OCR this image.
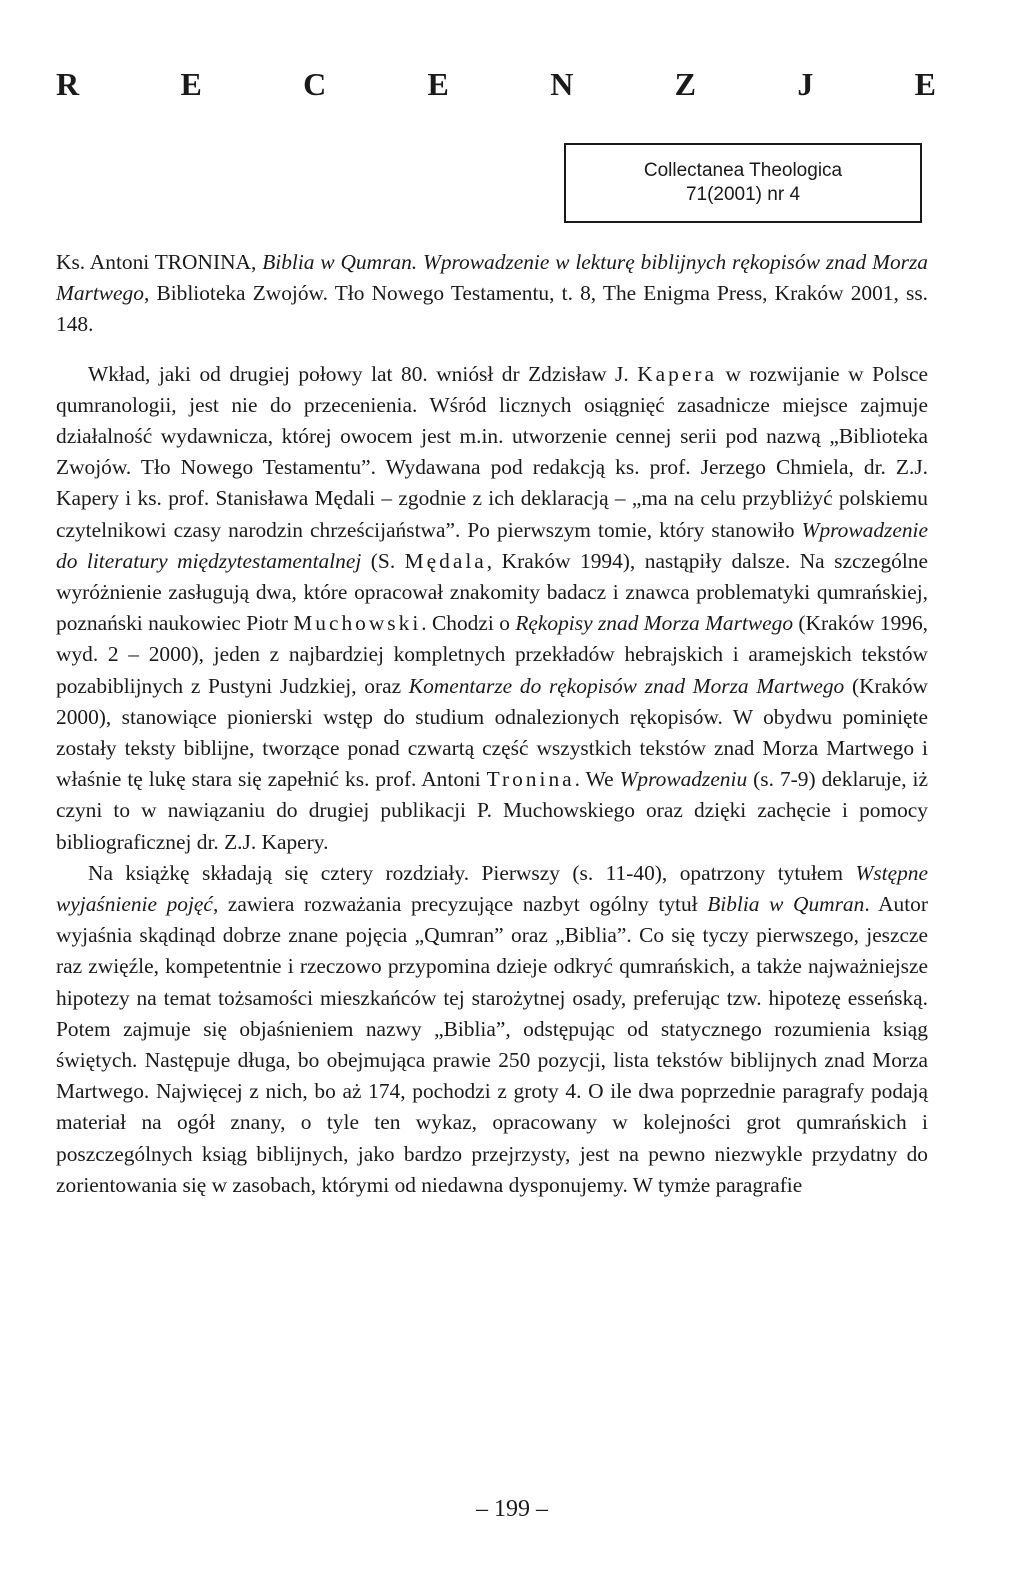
R	E	C	E	N	Z	J	E
Collectanea Theologica
71(2001) nr 4

Ks. Antoni TRONINA, Biblia w Qumran. Wprowadzenie w lekturę biblijnych rękopisów znad Morza Martwego, Biblioteka Zwojów. Tło Nowego Testamentu, t. 8, The Enigma Press, Kraków 2001, ss. 148.

Wkład, jaki od drugiej połowy lat 80. wniósł dr Zdzisław J. Kapera w rozwijanie w Polsce qumranologii, jest nie do przecenienia. Wśród licznych osiągnięć zasadnicze miejsce zajmuje działalność wydawnicza, której owocem jest m.in. utworzenie cennej serii pod nazwą „Biblioteka Zwojów. Tło Nowego Testamentu”. Wydawana pod redakcją ks. prof. Jerzego Chmiela, dr. Z.J. Kapery i ks. prof. Stanisława Mędali – zgodnie z ich deklaracją – „ma na celu przybliżyć polskiemu czytelnikowi czasy narodzin chrześcijaństwa”. Po pierwszym tomie, który stanowiło Wprowadzenie do literatury międzytestamentalnej (S. Mędala, Kraków 1994), nastąpiły dalsze. Na szczególne wyróżnienie zasługują dwa, które opracował znakomity badacz i znawca problematyki qumrańskiej, poznański naukowiec Piotr Muchowski. Chodzi o Rękopisy znad Morza Martwego (Kraków 1996, wyd. 2 – 2000), jeden z najbardziej kompletnych przekładów hebrajskich i aramejskich tekstów pozabiblijnych z Pustyni Judzkiej, oraz Komentarze do rękopisów znad Morza Martwego (Kraków 2000), stanowiące pionierski wstęp do studium odnalezionych rękopisów. W obydwu pominięte zostały teksty biblijne, tworzące ponad czwartą część wszystkich tekstów znad Morza Martwego i właśnie tę lukę stara się zapełnić ks. prof. Antoni Tronina. We Wprowadzeniu (s. 7-9) deklaruje, iż czyni to w nawiązaniu do drugiej publikacji P. Muchowskiego oraz dzięki zachęcie i pomocy bibliograficznej dr. Z.J. Kapery.

Na książkę składają się cztery rozdziały. Pierwszy (s. 11-40), opatrzony tytułem Wstępne wyjaśnienie pojęć, zawiera rozważania precyzujące nazbyt ogólny tytuł Biblia w Qumran. Autor wyjaśnia skądinąd dobrze znane pojęcia „Qumran” oraz „Biblia”. Co się tyczy pierwszego, jeszcze raz zwięźle, kompetentnie i rzeczowo przypomina dzieje odkryć qumrańskich, a także najważniejsze hipotezy na temat tożsamości mieszkańców tej starożytnej osady, preferując tzw. hipotezę esseńską. Potem zajmuje się objaśnieniem nazwy „Biblia”, odstępując od statycznego rozumienia ksiąg świętych. Następuje długa, bo obejmująca prawie 250 pozycji, lista tekstów biblijnych znad Morza Martwego. Najwięcej z nich, bo aż 174, pochodzi z groty 4. O ile dwa poprzednie paragrafy podają materiał na ogół znany, o tyle ten wykaz, opracowany w kolejności grot qumrańskich i poszczególnych ksiąg biblijnych, jako bardzo przejrzysty, jest na pewno niezwykle przydatny do zorientowania się w zasobach, którymi od niedawna dysponujemy. W tymże paragrafie

– 199 –
